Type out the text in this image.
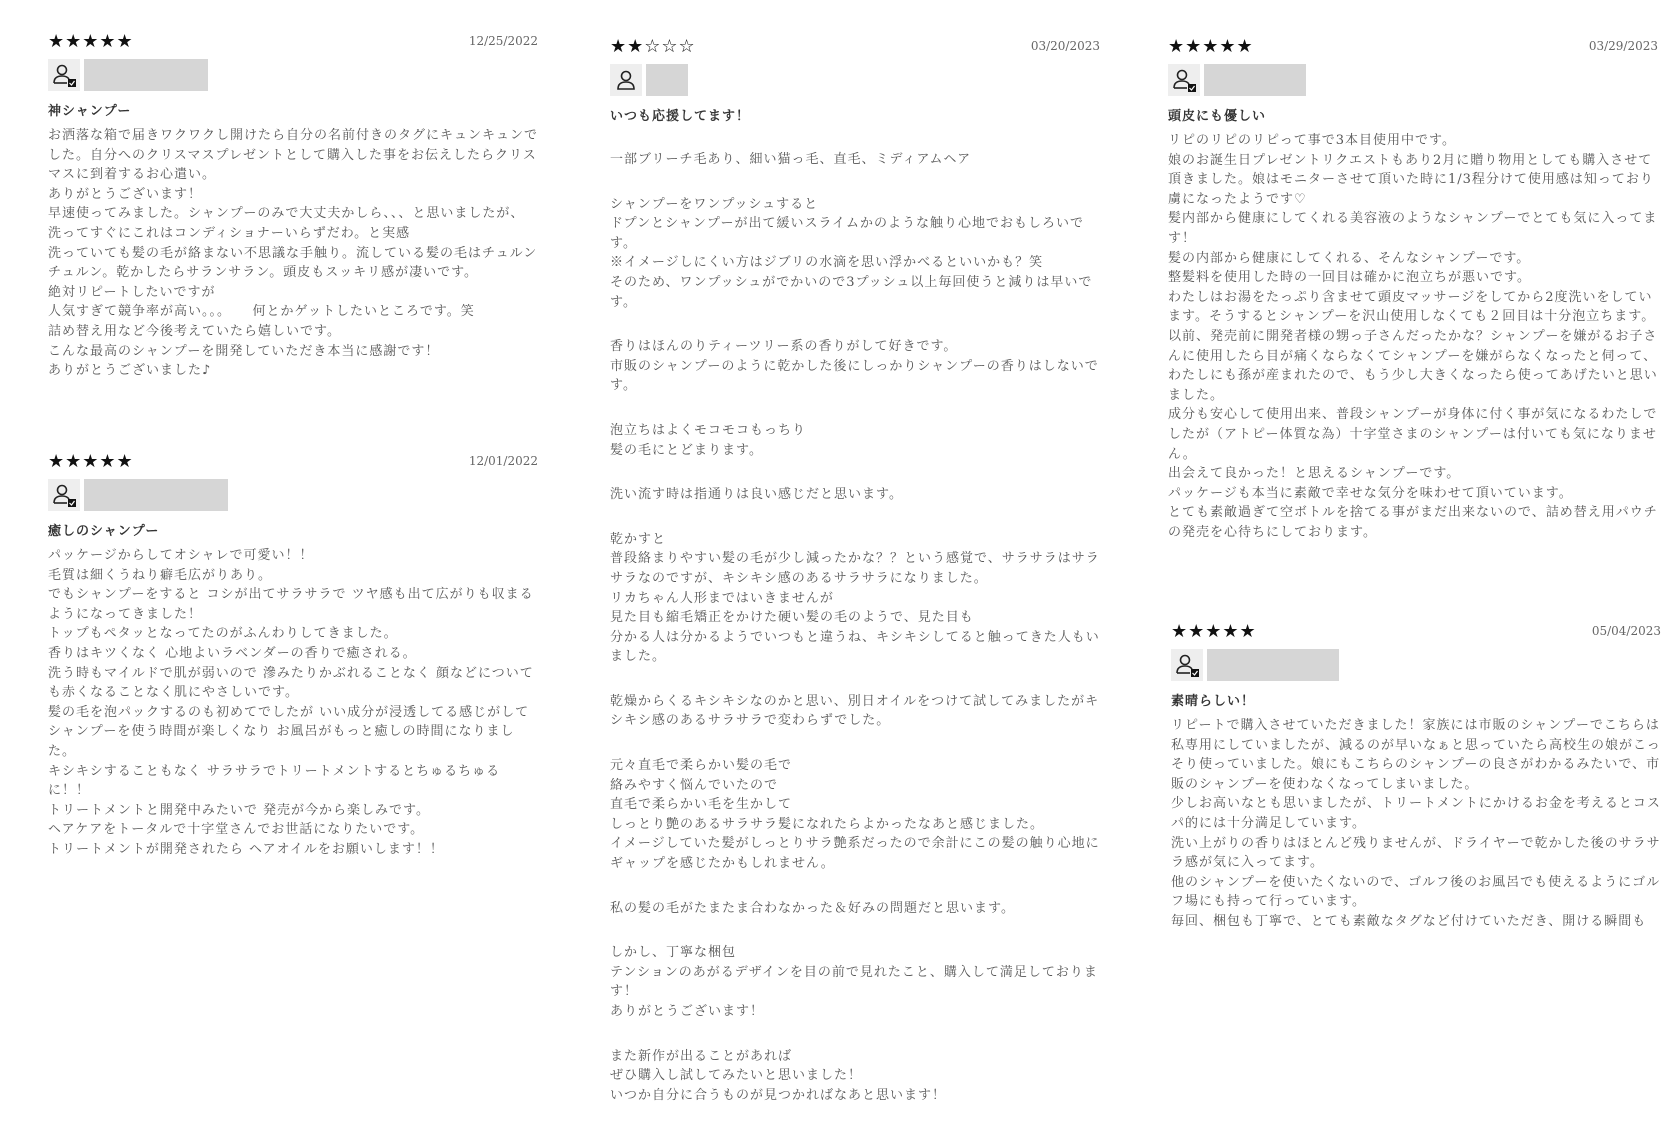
★★★★★	12/25/2022
神シャンプー

お洒落な箱で届きワクワクし開けたら自分の名前付きのタグにキュンキュンでした。自分へのクリスマスプレゼントとして購入した事をお伝えしたらクリスマスに到着するお心遣い。

ありがとうございます！

早速使ってみました。シャンプーのみで大丈夫かしら、、、と思いましたが、洗ってすぐにこれはコンディショナーいらずだわ。と実感

洗っていても髪の毛が絡まない不思議な手触り。流している髪の毛はチュルンチュルン。乾かしたらサランサラン。頭皮もスッキリ感が凄いです。

絶対リピートしたいですが

人気すぎて競争率が高い。。。　　何とかゲットしたいところです。笑

詰め替え用など今後考えていたら嬉しいです。

こんな最高のシャンプーを開発していただき本当に感謝です！

ありがとうございました♪

★★★★★	12/01/2022
癒しのシャンプー

パッケージからしてオシャレで可愛い！！

毛質は細くうねり癖毛広がりあり。

でもシャンプーをすると コシが出てサラサラで ツヤ感も出て広がりも収まるようになってきました！

トップもペタッとなってたのがふんわりしてきました。

香りはキツくなく 心地よいラベンダーの香りで癒される。

洗う時もマイルドで肌が弱いので 滲みたりかぶれることなく 顔などについても赤くなることなく肌にやさしいです。

髪の毛を泡パックするのも初めてでしたが いい成分が浸透してる感じがして シャンプーを使う時間が楽しくなり お風呂がもっと癒しの時間になりました。

キシキシすることもなく サラサラでトリートメントするとちゅるちゅるに！！

トリートメントと開発中みたいで 発売が今から楽しみです。

ヘアケアをトータルで十字堂さんでお世話になりたいです。

トリートメントが開発されたら ヘアオイルをお願いします！！

★★☆☆☆	03/20/2023
いつも応援してます！

一部ブリーチ毛あり、細い猫っ毛、直毛、ミディアムヘア

シャンプーをワンプッシュすると
ドプンとシャンプーが出て緩いスライムかのような触り心地でおもしろいです。
※イメージしにくい方はジブリの水滴を思い浮かべるといいかも？笑
そのため、ワンプッシュがでかいので3プッシュ以上毎回使うと減りは早いです。

香りはほんのりティーツリー系の香りがして好きです。
市販のシャンプーのように乾かした後にしっかりシャンプーの香りはしないです。

泡立ちはよくモコモコもっちり
髪の毛にとどまります。

洗い流す時は指通りは良い感じだと思います。

乾かすと
普段絡まりやすい髪の毛が少し減ったかな？？という感覚で、サラサラはサラサラなのですが、キシキシ感のあるサラサラになりました。
リカちゃん人形まではいきませんが
見た目も縮毛矯正をかけた硬い髪の毛のようで、見た目も
分かる人は分かるようでいつもと違うね、キシキシしてると触ってきた人もいました。

乾燥からくるキシキシなのかと思い、別日オイルをつけて試してみましたがキシキシ感のあるサラサラで変わらずでした。

元々直毛で柔らかい髪の毛で
絡みやすく悩んでいたので
直毛で柔らかい毛を生かして
しっとり艶のあるサラサラ髪になれたらよかったなあと感じました。
イメージしていた髪がしっとりサラ艶系だったので余計にこの髪の触り心地にギャップを感じたかもしれません。

私の髪の毛がたまたま合わなかった＆好みの問題だと思います。

しかし、丁寧な梱包
テンションのあがるデザインを目の前で見れたこと、購入して満足しております！
ありがとうございます！

また新作が出ることがあれば
ぜひ購入し試してみたいと思いました！
いつか自分に合うものが見つかればなあと思います！

★★★★★	03/29/2023
頭皮にも優しい

リピのリピのリピって事で3本目使用中です。

娘のお誕生日プレゼントリクエストもあり2月に贈り物用としても購入させて頂きました。娘はモニターさせて頂いた時に1/3程分けて使用感は知っており虜になったようです♡

髪内部から健康にしてくれる美容液のようなシャンプーでとても気に入ってます！

髪の内部から健康にしてくれる、そんなシャンプーです。

整髪料を使用した時の一回目は確かに泡立ちが悪いです。

わたしはお湯をたっぷり含ませて頭皮マッサージをしてから2度洗いをしています。そうするとシャンプーを沢山使用しなくても２回目は十分泡立ちます。

以前、発売前に開発者様の甥っ子さんだったかな？シャンプーを嫌がるお子さんに使用したら目が痛くならなくてシャンプーを嫌がらなくなったと伺って、わたしにも孫が産まれたので、もう少し大きくなったら使ってあげたいと思いました。

成分も安心して使用出来、普段シャンプーが身体に付く事が気になるわたしでしたが（アトピー体質な為）十字堂さまのシャンプーは付いても気になりません。

出会えて良かった！と思えるシャンプーです。

パッケージも本当に素敵で幸せな気分を味わせて頂いています。

とても素敵過ぎて空ボトルを捨てる事がまだ出来ないので、詰め替え用パウチの発売を心待ちにしております。

★★★★★	05/04/2023
素晴らしい！

リピートで購入させていただきました！家族には市販のシャンプーでこちらは私専用にしていましたが、減るのが早いなぁと思っていたら高校生の娘がこっそり使っていました。娘にもこちらのシャンプーの良さがわかるみたいで、市販のシャンプーを使わなくなってしまいました。

少しお高いなとも思いましたが、トリートメントにかけるお金を考えるとコスパ的には十分満足しています。

洗い上がりの香りはほとんど残りませんが、ドライヤーで乾かした後のサラサラ感が気に入ってます。

他のシャンプーを使いたくないので、ゴルフ後のお風呂でも使えるようにゴルフ場にも持って行っています。

毎回、梱包も丁寧で、とても素敵なタグなど付けていただき、開ける瞬間も
